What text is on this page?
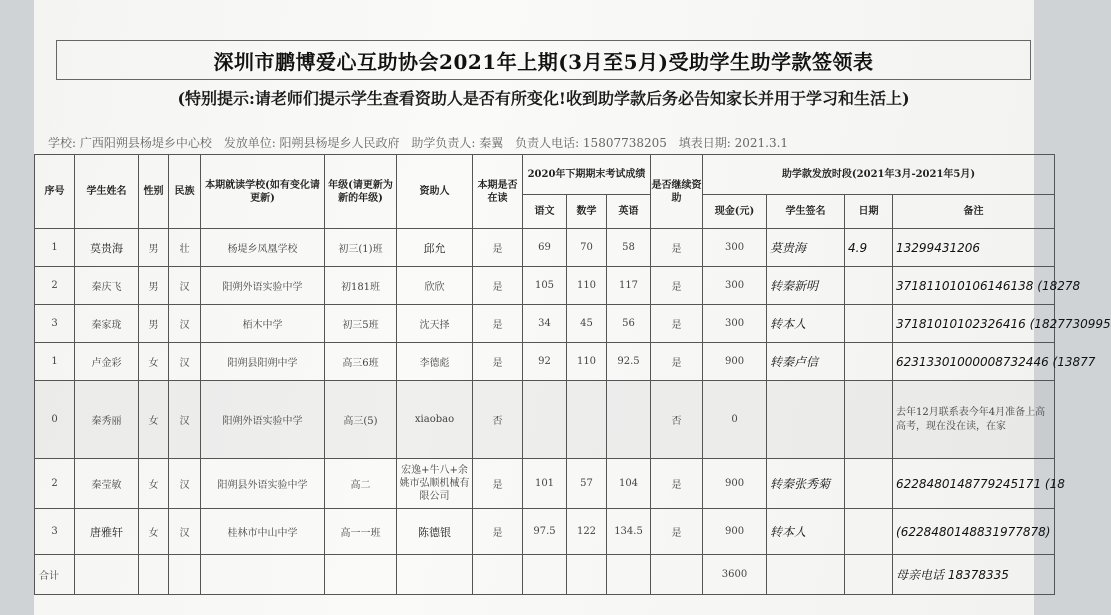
深圳市鹏博爱心互助协会2021年上期(3月至5月)受助学生助学款签领表
(特别提示:请老师们提示学生查看资助人是否有所变化!收到助学款后务必告知家长并用于学习和生活上)
学校: 广西阳朔县杨堤乡中心校 发放单位: 阳朔县杨堤乡人民政府 助学负责人: 秦翼 负责人电话: 15807738205 填表日期: 2021.3.1
序号	学生姓名	性别	民族	本期就读学校(如有变化请更新)	年级(请更新为新的年级)	资助人	本期是否在读	2020年下期期末考试成绩			是否继续资助	助学款发放时段(2021年3月-2021年5月)			
								语文	数学	英语		现金(元)	学生签名	日期	备注
1	莫贵海	男	壮	杨堤乡凤凰学校	初三(1)班	邱允	是	69	70	58	是	300	莫贵海	4.9	13299431206
2	秦庆飞	男	汉	阳朔外语实验中学	初181班	欣欣	是	105	110	117	是	300	转秦新明		371811010106146138 (18278
3	秦家珑	男	汉	栢木中学	初三5班	沈天择	是	34	45	56	是	300	转本人		37181010102326416 (1827730995
1	卢金彩	女	汉	阳朔县阳朔中学	高三6班	李德彪	是	92	110	92.5	是	900	转秦卢信		62313301000008732446 (13877
0	秦秀丽	女	汉	阳朔外语实验中学	高三(5)	xiaobao	否				否	0			去年12月联系表今年4月准备上高高考，现在没在读，在家
2	秦莹敏	女	汉	阳朔县外语实验中学	高二	宏逸+牛八+余姚市弘顺机械有限公司	是	101	57	104	是	900	转秦张秀菊		6228480148779245171 (18
3	唐雅轩	女	汉	桂林市中山中学	高一一班	陈德银	是	97.5	122	134.5	是	900	转本人		(6228480148831977878)
合计												3600			母亲电话 18378335
